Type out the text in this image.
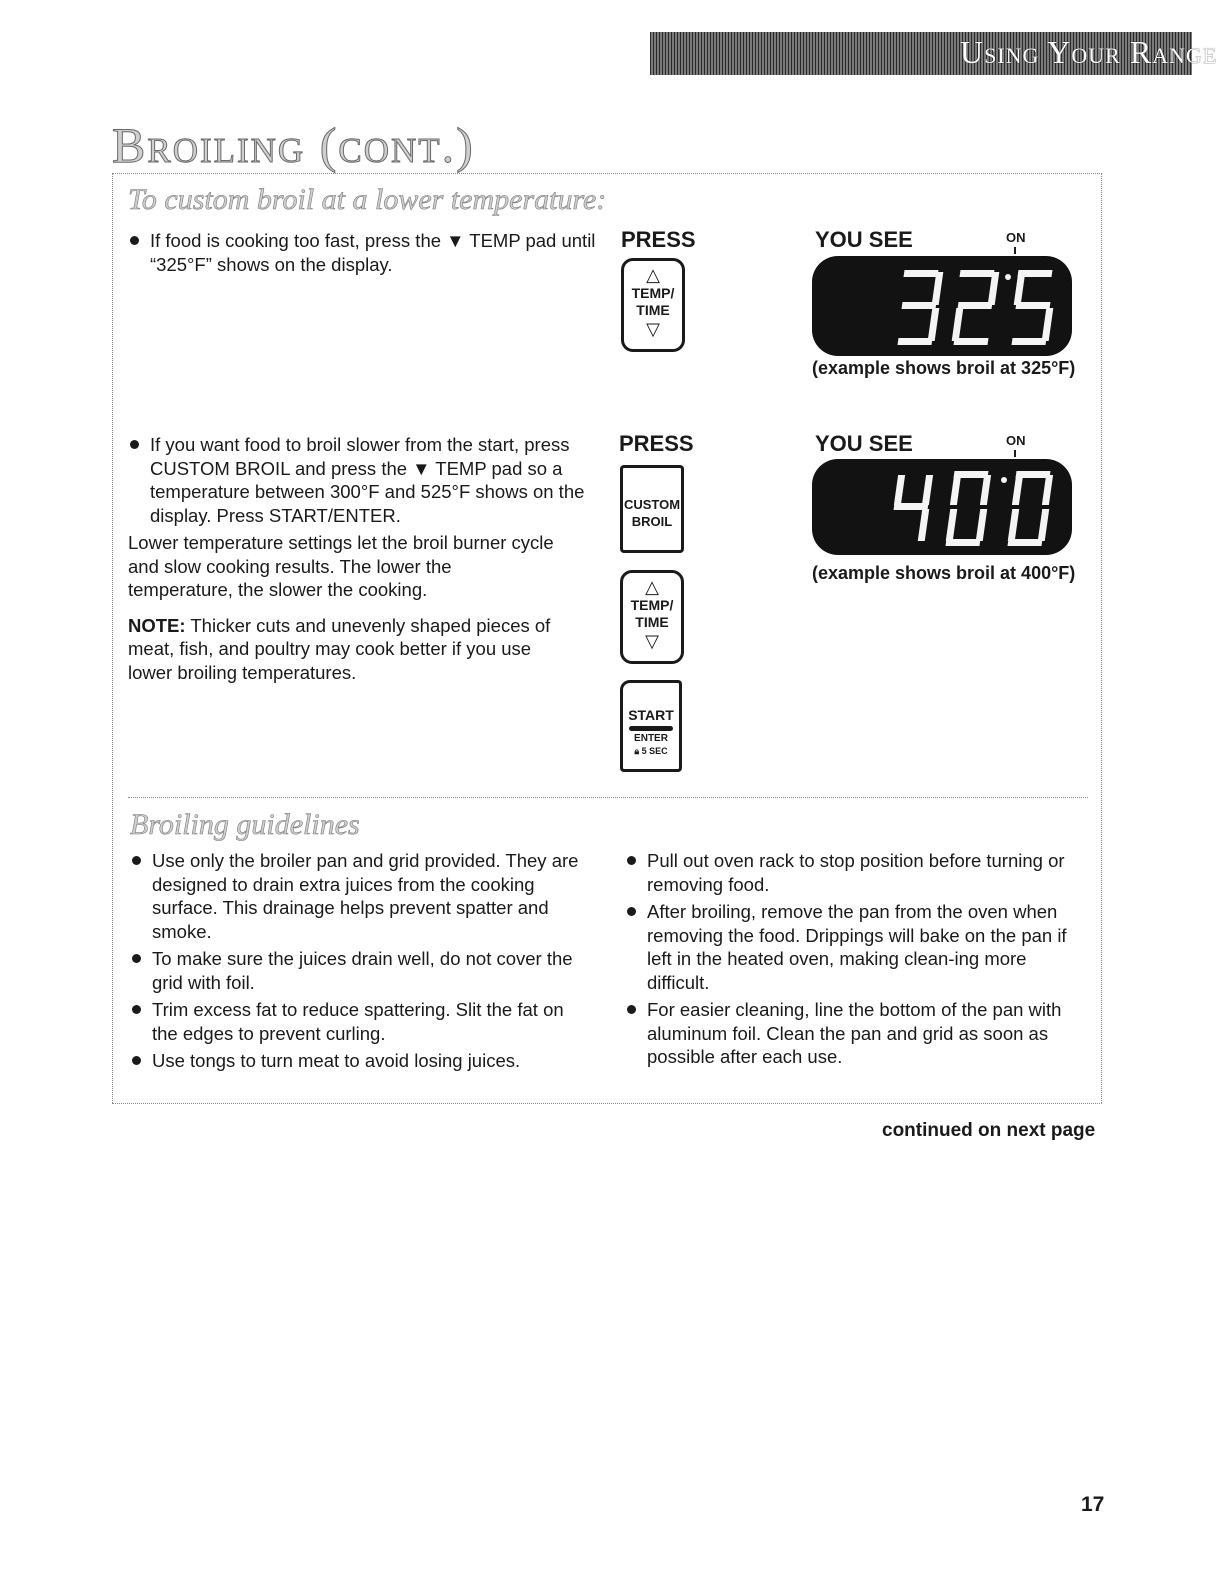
Using Your Range
Broiling (cont.)
To custom broil at a lower temperature:
If food is cooking too fast, press the ▼ TEMP pad until “325°F” shows on the display.
PRESS	YOU SEE	ON
△
TEMP/
TIME
▽
(example shows broil at 325°F)
If you want food to broil slower from the start, press CUSTOM BROIL and press the ▼ TEMP pad so a temperature between 300°F and 525°F shows on the display. Press START/ENTER.
Lower temperature settings let the broil burner cycle and slow cooking results. The lower the temperature, the slower the cooking.
NOTE: Thicker cuts and unevenly shaped pieces of meat, fish, and poultry may cook better if you use lower broiling temperatures.
PRESS	YOU SEE	ON
CUSTOM
BROIL
△
TEMP/
TIME
▽
START
ENTER
🔒︎ 5 SEC
(example shows broil at 400°F)
Broiling guidelines
Use only the broiler pan and grid provided. They are designed to drain extra juices from the cooking surface. This drainage helps prevent spatter and smoke.
To make sure the juices drain well, do not cover the grid with foil.
Trim excess fat to reduce spattering. Slit the fat on the edges to prevent curling.
Use tongs to turn meat to avoid losing juices.
Pull out oven rack to stop position before turning or removing food.
After broiling, remove the pan from the oven when removing the food. Drippings will bake on the pan if left in the heated oven, making clean-ing more difficult.
For easier cleaning, line the bottom of the pan with aluminum foil. Clean the pan and grid as soon as possible after each use.
continued on next page
17
